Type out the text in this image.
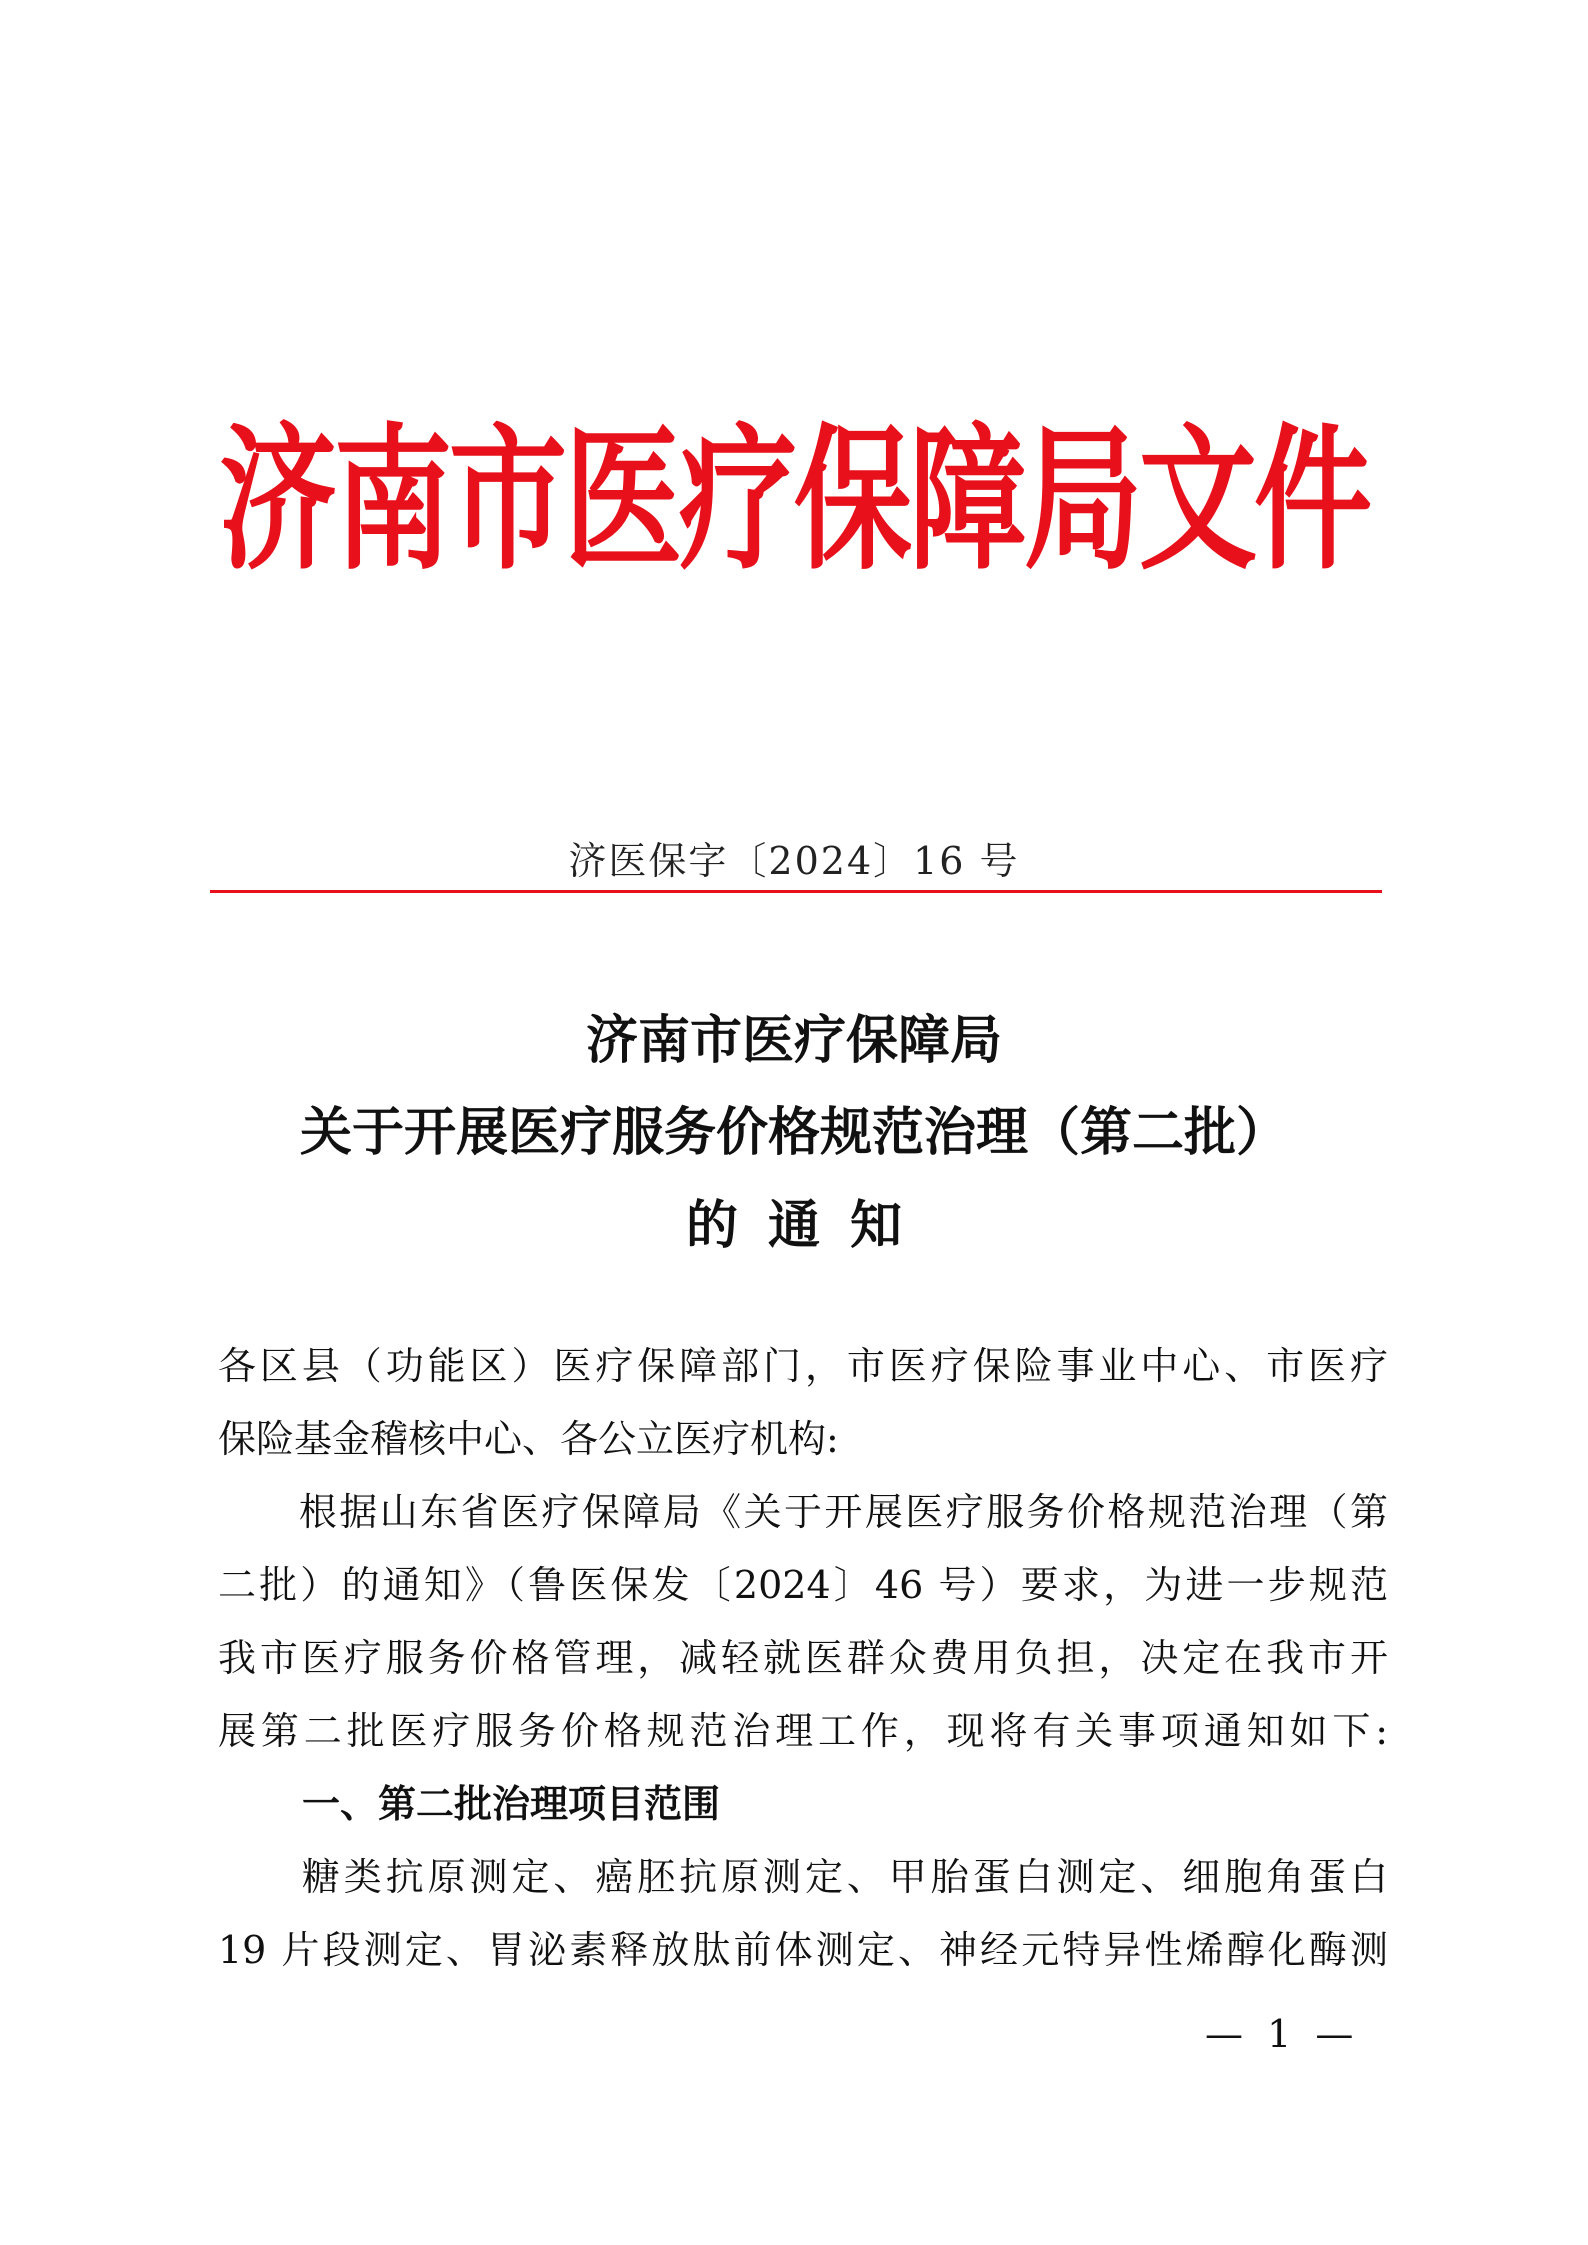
济南市医疗保障局文件
济医保字〔2024〕16 号
济南市医疗保障局
关于开展医疗服务价格规范治理（第二批）
的通知
各区县（功能区）医疗保障部门，市医疗保险事业中心、市医疗
保险基金稽核中心、各公立医疗机构:
　　根据山东省医疗保障局《关于开展医疗服务价格规范治理（第
二批）的通知》（鲁医保发〔2024〕46 号）要求，为进一步规范
我市医疗服务价格管理，减轻就医群众费用负担，决定在我市开
展第二批医疗服务价格规范治理工作，现将有关事项通知如下:
一、第二批治理项目范围
　　糖类抗原测定、癌胚抗原测定、甲胎蛋白测定、细胞角蛋白
19 片段测定、胃泌素释放肽前体测定、神经元特异性烯醇化酶测
— 1 —
